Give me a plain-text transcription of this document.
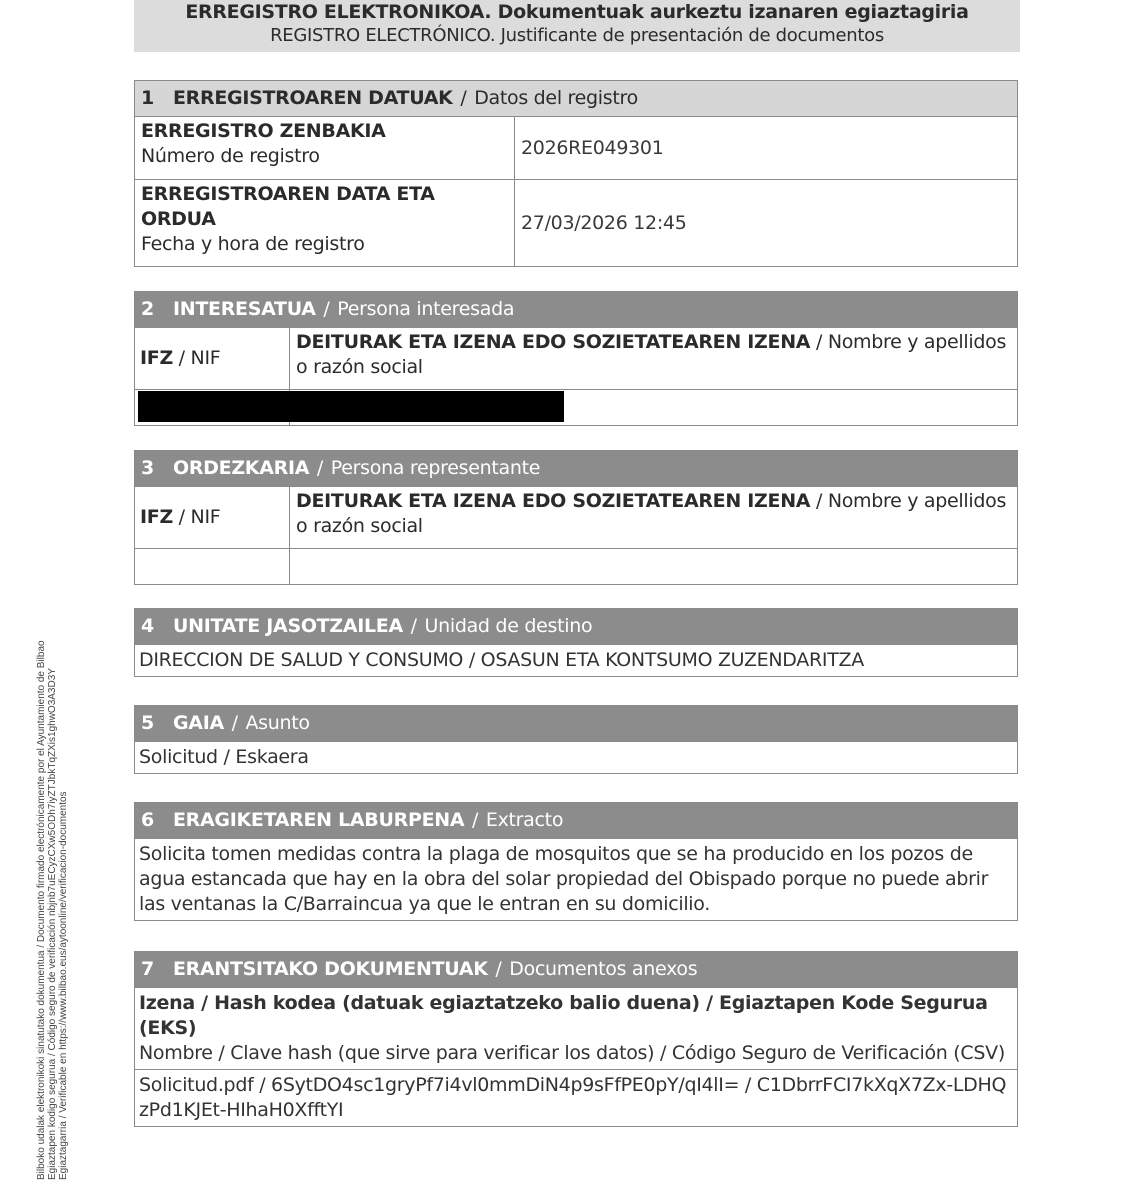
ERREGISTRO ELEKTRONIKOA. Dokumentuak aurkeztu izanaren egiaztagiria
REGISTRO ELECTRÓNICO. Justificante de presentación de documentos
1 ERREGISTROAREN DATUAK / Datos del registro
ERREGISTRO ZENBAKIA
Número de registro	2026RE049301
ERREGISTROAREN DATA ETA ORDUA
Fecha y hora de registro
27/03/2026 12:45
2 INTERESATUA / Persona interesada
IFZ / NIF
DEITURAK ETA IZENA EDO SOZIETATEAREN IZENA / Nombre y apellidos o razón social
3 ORDEZKARIA / Persona representante
IFZ / NIF
DEITURAK ETA IZENA EDO SOZIETATEAREN IZENA / Nombre y apellidos o razón social
4 UNITATE JASOTZAILEA / Unidad de destino
DIRECCION DE SALUD Y CONSUMO / OSASUN ETA KONTSUMO ZUZENDARITZA
5 GAIA / Asunto
Solicitud / Eskaera
6 ERAGIKETAREN LABURPENA / Extracto
Solicita tomen medidas contra la plaga de mosquitos que se ha producido en los pozos de agua estancada que hay en la obra del solar propiedad del Obispado porque no puede abrir las ventanas la C/Barraincua ya que le entran en su domicilio.
7 ERANTSITAKO DOKUMENTUAK / Documentos anexos
Izena / Hash kodea (datuak egiaztatzeko balio duena) / Egiaztapen Kode Segurua (EKS)
Nombre / Clave hash (que sirve para verificar los datos) / Código Seguro de Verificación (CSV)
Solicitud.pdf / 6SytDO4sc1gryPf7i4vl0mmDiN4p9sFfPE0pY/qI4lI= / C1DbrrFCI7kXqX7Zx-LDHQzPd1KJEt-HIhaH0XfftYI
Bilboko udalak elektronikoki sinatutako dokumentua / Documento firmado electrónicamente por el Ayuntamiento de Bilbao Egiaztapen kodigo segurua / Código seguro de verificación nbjnb7uECyzCXw5ODh7iyZTJbkTqZXis1ghwO3A3D3Y Egiaztagarria / Verificable en https://www.bilbao.eus/aytoonline/verificacion-documentos
